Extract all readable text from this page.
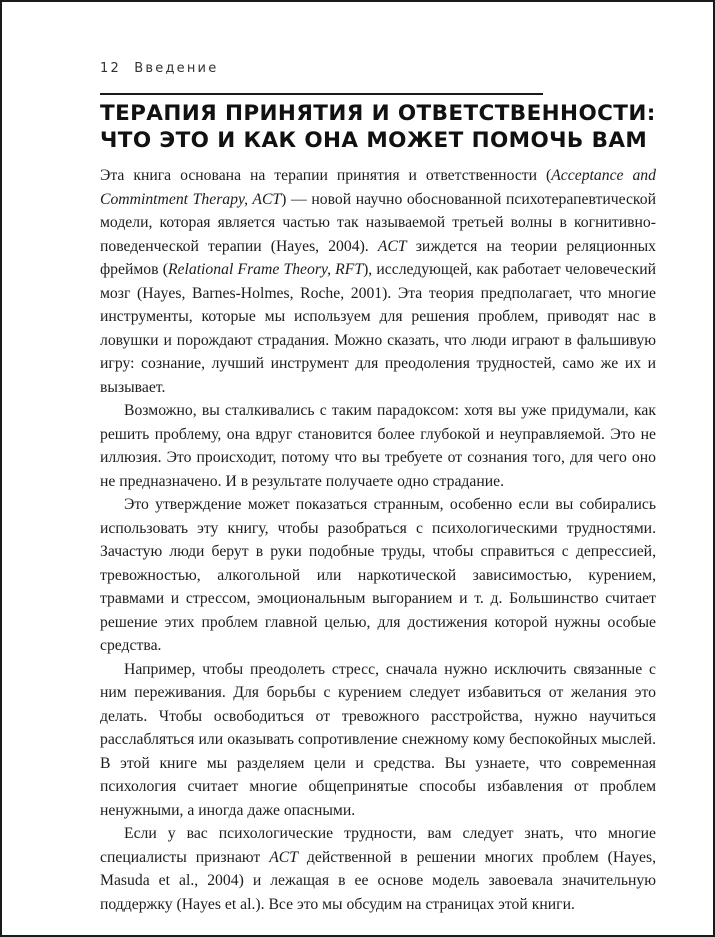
12 Введение
ТЕРАПИЯ ПРИНЯТИЯ И ОТВЕТСТВЕННОСТИ:
ЧТО ЭТО И КАК ОНА МОЖЕТ ПОМОЧЬ ВАМ

Эта книга основана на терапии принятия и ответственности (Acceptance and Commintment Therapy, ACT) — новой научно обоснованной психотерапевтической модели, которая является частью так называемой третьей волны в когнитивно-поведенческой терапии (Hayes, 2004). ACT зиждется на теории реляционных фреймов (Relational Frame Theory, RFT), исследующей, как работает человеческий мозг (Hayes, Barnes-Holmes, Roche, 2001). Эта теория предполагает, что многие инструменты, которые мы используем для решения проблем, приводят нас в ловушки и порождают страдания. Можно сказать, что люди играют в фальшивую игру: сознание, лучший инструмент для преодоления трудностей, само же их и вызывает.

Возможно, вы сталкивались с таким парадоксом: хотя вы уже придумали, как решить проблему, она вдруг становится более глубокой и неуправляемой. Это не иллюзия. Это происходит, потому что вы требуете от сознания того, для чего оно не предназначено. И в результате получаете одно страдание.

Это утверждение может показаться странным, особенно если вы собирались использовать эту книгу, чтобы разобраться с психологическими трудностями. Зачастую люди берут в руки подобные труды, чтобы справиться с депрессией, тревожностью, алкогольной или наркотической зависимостью, курением, травмами и стрессом, эмоциональным выгоранием и т. д. Большинство считает решение этих проблем главной целью, для достижения которой нужны особые средства.

Например, чтобы преодолеть стресс, сначала нужно исключить связанные с ним переживания. Для борьбы с курением следует избавиться от желания это делать. Чтобы освободиться от тревожного расстройства, нужно научиться расслабляться или оказывать сопротивление снежному кому беспокойных мыслей. В этой книге мы разделяем цели и средства. Вы узнаете, что современная психология считает многие общепринятые способы избавления от проблем ненужными, а иногда даже опасными.

Если у вас психологические трудности, вам следует знать, что многие специалисты признают ACT действенной в решении многих проблем (Hayes, Masuda et al., 2004) и лежащая в ее основе модель завоевала значительную поддержку (Hayes et al.). Все это мы обсудим на страницах этой книги.
